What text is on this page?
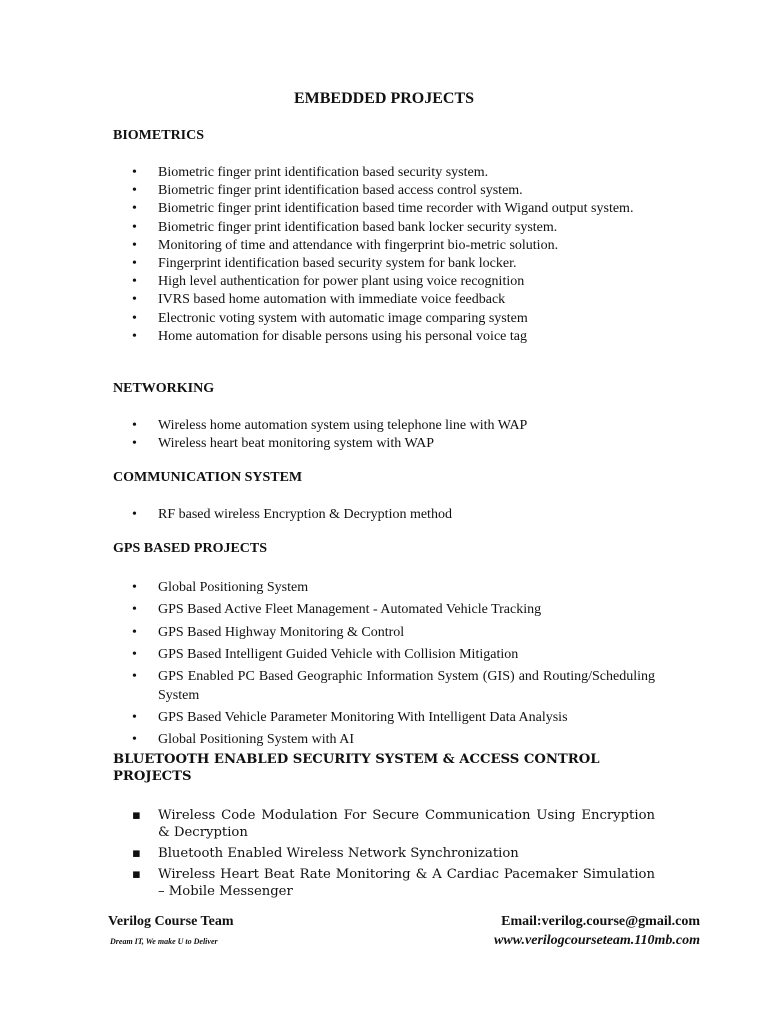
EMBEDDED PROJECTS
BIOMETRICS
• Biometric finger print identification based security system.
• Biometric finger print identification based access control system.
• Biometric finger print identification based time recorder with Wigand output system.
• Biometric finger print identification based bank locker security system.
• Monitoring of time and attendance with fingerprint bio-metric solution.
• Fingerprint identification based security system for bank locker.
• High level authentication for power plant using voice recognition
• IVRS based home automation with immediate voice feedback
• Electronic voting system with automatic image comparing system
• Home automation for disable persons using his personal voice tag
NETWORKING
• Wireless home automation system using telephone line with WAP
• Wireless heart beat monitoring system with WAP
COMMUNICATION SYSTEM
• RF based wireless Encryption & Decryption method
GPS BASED PROJECTS
• Global Positioning System
• GPS Based Active Fleet Management - Automated Vehicle Tracking
• GPS Based Highway Monitoring & Control
• GPS Based Intelligent Guided Vehicle with Collision Mitigation
• GPS Enabled PC Based Geographic Information System (GIS) and Routing/Scheduling System
• GPS Based Vehicle Parameter Monitoring With Intelligent Data Analysis
• Global Positioning System with AI
BLUETOOTH ENABLED SECURITY SYSTEM & ACCESS CONTROL PROJECTS
▪ Wireless Code Modulation For Secure Communication Using Encryption & Decryption
▪ Bluetooth Enabled Wireless Network Synchronization
▪ Wireless Heart Beat Rate Monitoring & A Cardiac Pacemaker Simulation – Mobile Messenger
Verilog Course Team
Dream IT, We make U to Deliver
Email:verilog.course@gmail.com
www.verilogcourseteam.110mb.com
